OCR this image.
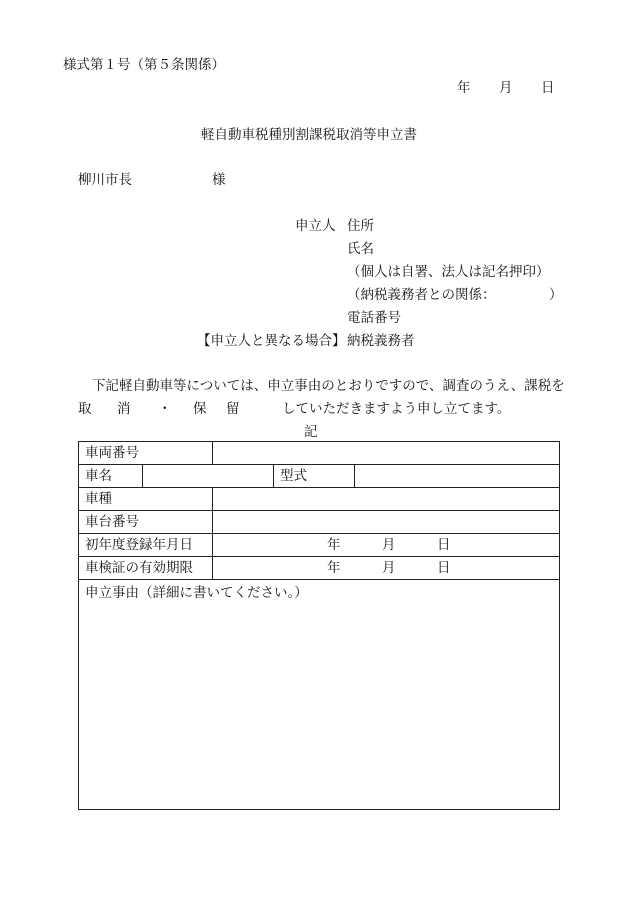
様式第１号（第５条関係）
年 月 日
軽自動車税種別割課税取消等申立書
柳川市長	様
申立人 住所
氏名
（個人は自署、法人は記名押印）
（納税義務者との関係：	）
電話番号
【申立人と異なる場合】 納税義務者
下記軽自動車等については、申立事由のとおりですので、調査のうえ、課税を
取 消 ・ 保 留	していただきますよう申し立てます。
記
車両番号				
車名			型式	
車種				
車台番号				
初年度登録年月日		年 月 日		

車検証の有効期限		年 月 日		

申立事由（詳細に書いてください。）				
